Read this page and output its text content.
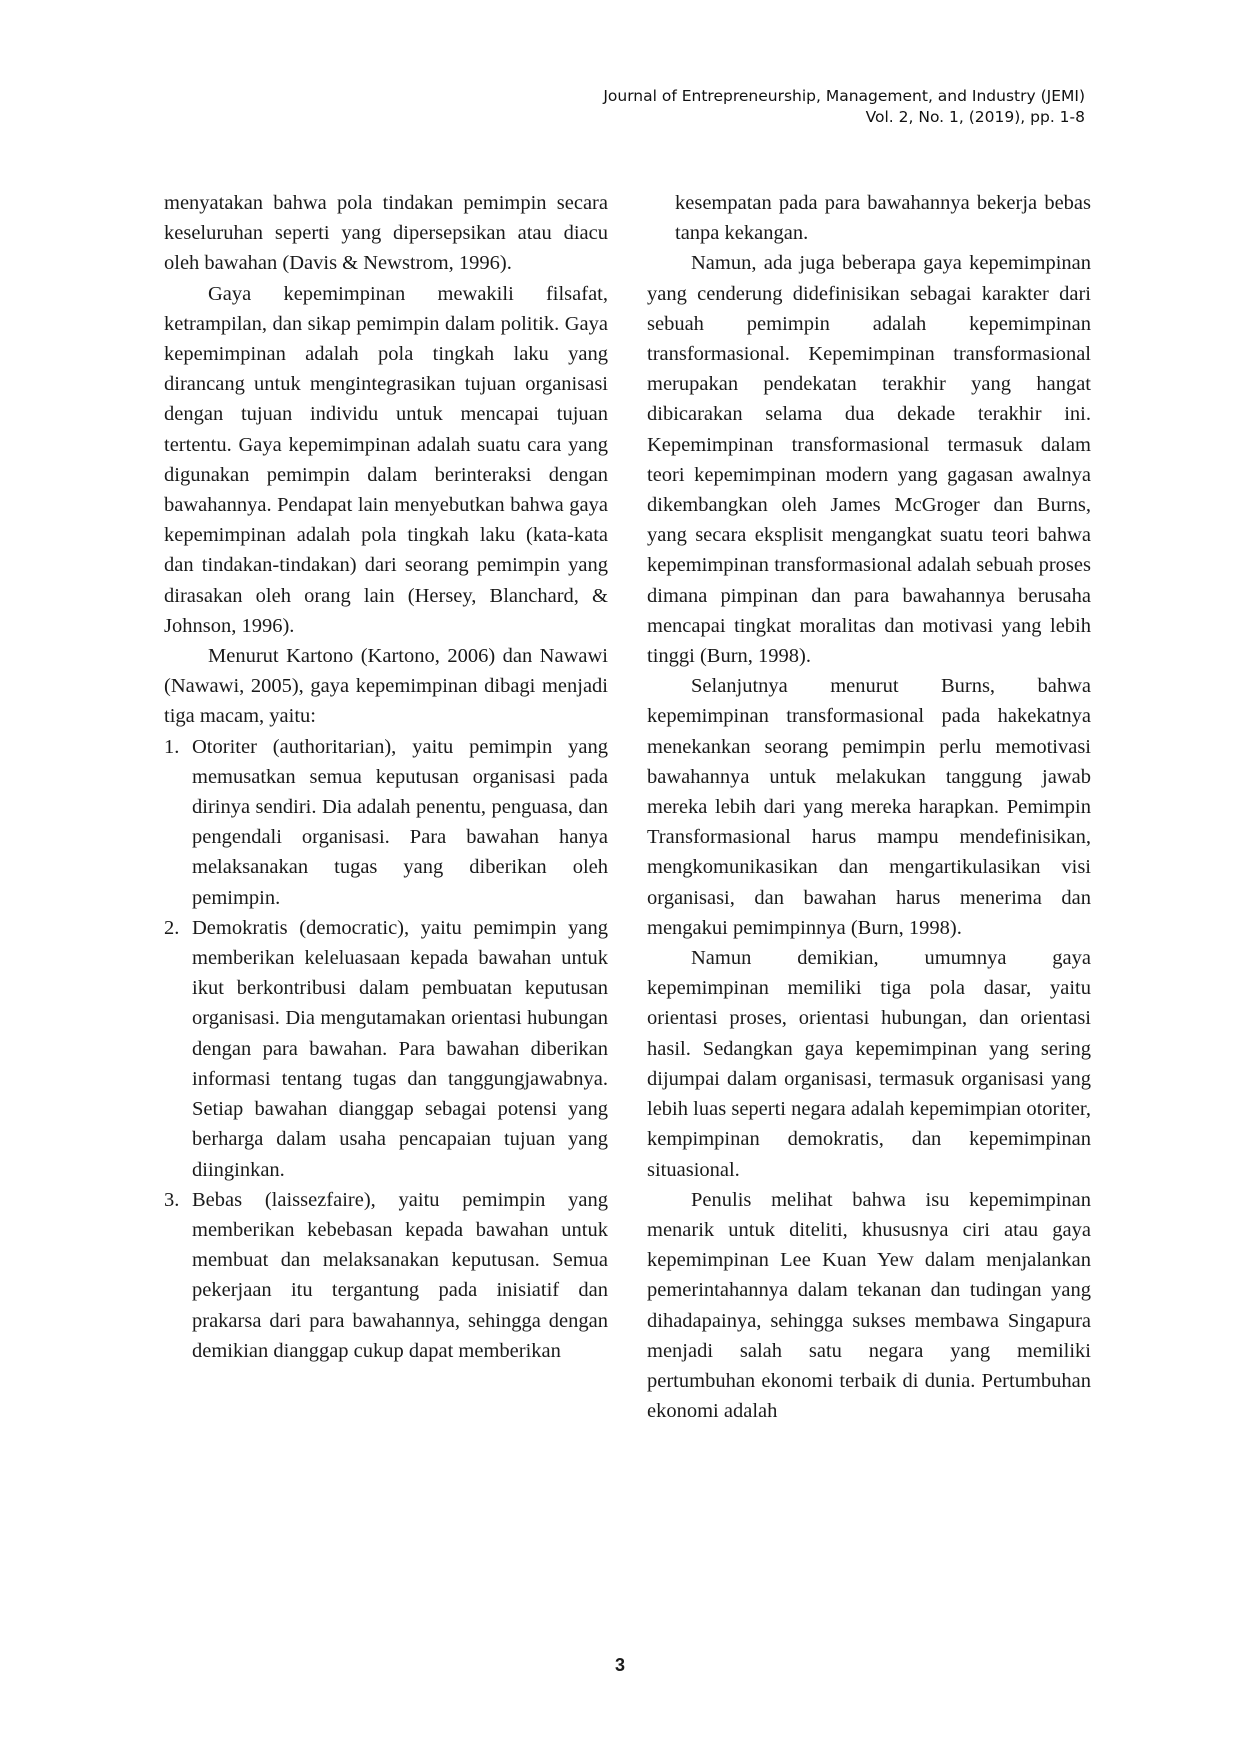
Journal of Entrepreneurship, Management, and Industry (JEMI)
Vol. 2, No. 1, (2019), pp. 1-8

menyatakan bahwa pola tindakan pemimpin secara keseluruhan seperti yang dipersepsikan atau diacu oleh bawahan (Davis & Newstrom, 1996).

Gaya kepemimpinan mewakili filsafat, ketrampilan, dan sikap pemimpin dalam politik. Gaya kepemimpinan adalah pola tingkah laku yang dirancang untuk mengintegrasikan tujuan organisasi dengan tujuan individu untuk mencapai tujuan tertentu. Gaya kepemimpinan adalah suatu cara yang digunakan pemimpin dalam berinteraksi dengan bawahannya. Pendapat lain menyebutkan bahwa gaya kepemimpinan adalah pola tingkah laku (kata-kata dan tindakan-tindakan) dari seorang pemimpin yang dirasakan oleh orang lain (Hersey, Blanchard, & Johnson, 1996).

Menurut Kartono (Kartono, 2006) dan Nawawi (Nawawi, 2005), gaya kepemimpinan dibagi menjadi tiga macam, yaitu:

1. Otoriter (authoritarian), yaitu pemimpin yang memusatkan semua keputusan organisasi pada dirinya sendiri. Dia adalah penentu, penguasa, dan pengendali organisasi. Para bawahan hanya melaksanakan tugas yang diberikan oleh pemimpin.
2. Demokratis (democratic), yaitu pemimpin yang memberikan keleluasaan kepada bawahan untuk ikut berkontribusi dalam pembuatan keputusan organisasi. Dia mengutamakan orientasi hubungan dengan para bawahan. Para bawahan diberikan informasi tentang tugas dan tanggungjawabnya. Setiap bawahan dianggap sebagai potensi yang berharga dalam usaha pencapaian tujuan yang diinginkan.
3. Bebas (laissezfaire), yaitu pemimpin yang memberikan kebebasan kepada bawahan untuk membuat dan melaksanakan keputusan. Semua pekerjaan itu tergantung pada inisiatif dan prakarsa dari para bawahannya, sehingga dengan demikian dianggap cukup dapat memberikan

kesempatan pada para bawahannya bekerja bebas tanpa kekangan.

Namun, ada juga beberapa gaya kepemimpinan yang cenderung didefinisikan sebagai karakter dari sebuah pemimpin adalah kepemimpinan transformasional. Kepemimpinan transformasional merupakan pendekatan terakhir yang hangat dibicarakan selama dua dekade terakhir ini. Kepemimpinan transformasional termasuk dalam teori kepemimpinan modern yang gagasan awalnya dikembangkan oleh James McGroger dan Burns, yang secara eksplisit mengangkat suatu teori bahwa kepemimpinan transformasional adalah sebuah proses dimana pimpinan dan para bawahannya berusaha mencapai tingkat moralitas dan motivasi yang lebih tinggi (Burn, 1998).

Selanjutnya menurut Burns, bahwa kepemimpinan transformasional pada hakekatnya menekankan seorang pemimpin perlu memotivasi bawahannya untuk melakukan tanggung jawab mereka lebih dari yang mereka harapkan. Pemimpin Transformasional harus mampu mendefinisikan, mengkomunikasikan dan mengartikulasikan visi organisasi, dan bawahan harus menerima dan mengakui pemimpinnya (Burn, 1998).

Namun demikian, umumnya gaya kepemimpinan memiliki tiga pola dasar, yaitu orientasi proses, orientasi hubungan, dan orientasi hasil. Sedangkan gaya kepemimpinan yang sering dijumpai dalam organisasi, termasuk organisasi yang lebih luas seperti negara adalah kepemimpian otoriter, kempimpinan demokratis, dan kepemimpinan situasional.

Penulis melihat bahwa isu kepemimpinan menarik untuk diteliti, khususnya ciri atau gaya kepemimpinan Lee Kuan Yew dalam menjalankan pemerintahannya dalam tekanan dan tudingan yang dihadapainya, sehingga sukses membawa Singapura menjadi salah satu negara yang memiliki pertumbuhan ekonomi terbaik di dunia. Pertumbuhan ekonomi adalah

3
